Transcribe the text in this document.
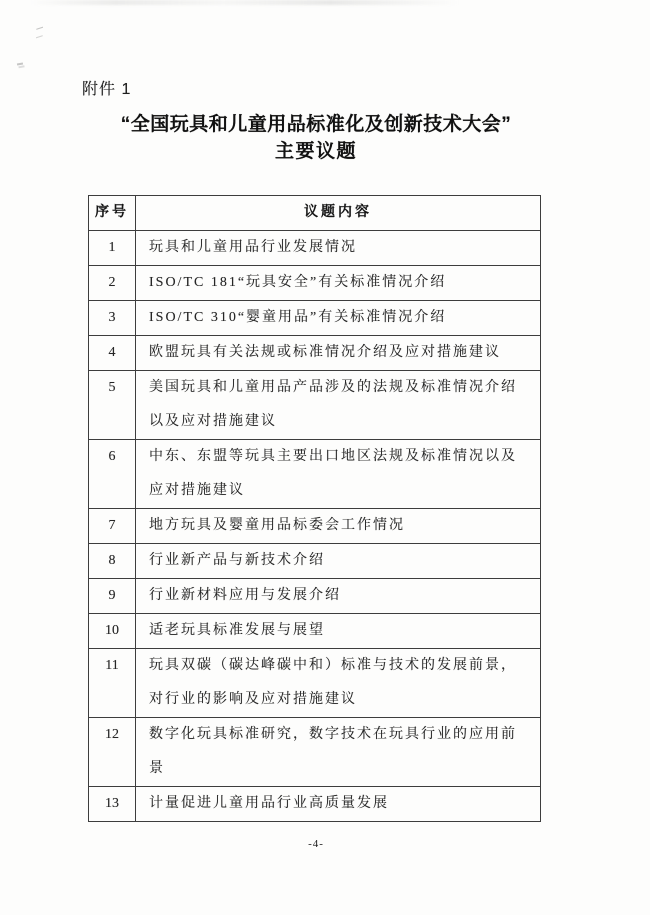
附件 1
“全国玩具和儿童用品标准化及创新技术大会”
主要议题
序号	议题内容
1	玩具和儿童用品行业发展情况
2	ISO/TC 181“玩具安全”有关标准情况介绍
3	ISO/TC 310“婴童用品”有关标准情况介绍
4	欧盟玩具有关法规或标准情况介绍及应对措施建议
5	美国玩具和儿童用品产品涉及的法规及标准情况介绍以及应对措施建议
6	中东、东盟等玩具主要出口地区法规及标准情况以及应对措施建议
7	地方玩具及婴童用品标委会工作情况
8	行业新产品与新技术介绍
9	行业新材料应用与发展介绍
10	适老玩具标准发展与展望
11	玩具双碳（碳达峰碳中和）标准与技术的发展前景，对行业的影响及应对措施建议
12	数字化玩具标准研究，数字技术在玩具行业的应用前景
13	计量促进儿童用品行业高质量发展
-4-
